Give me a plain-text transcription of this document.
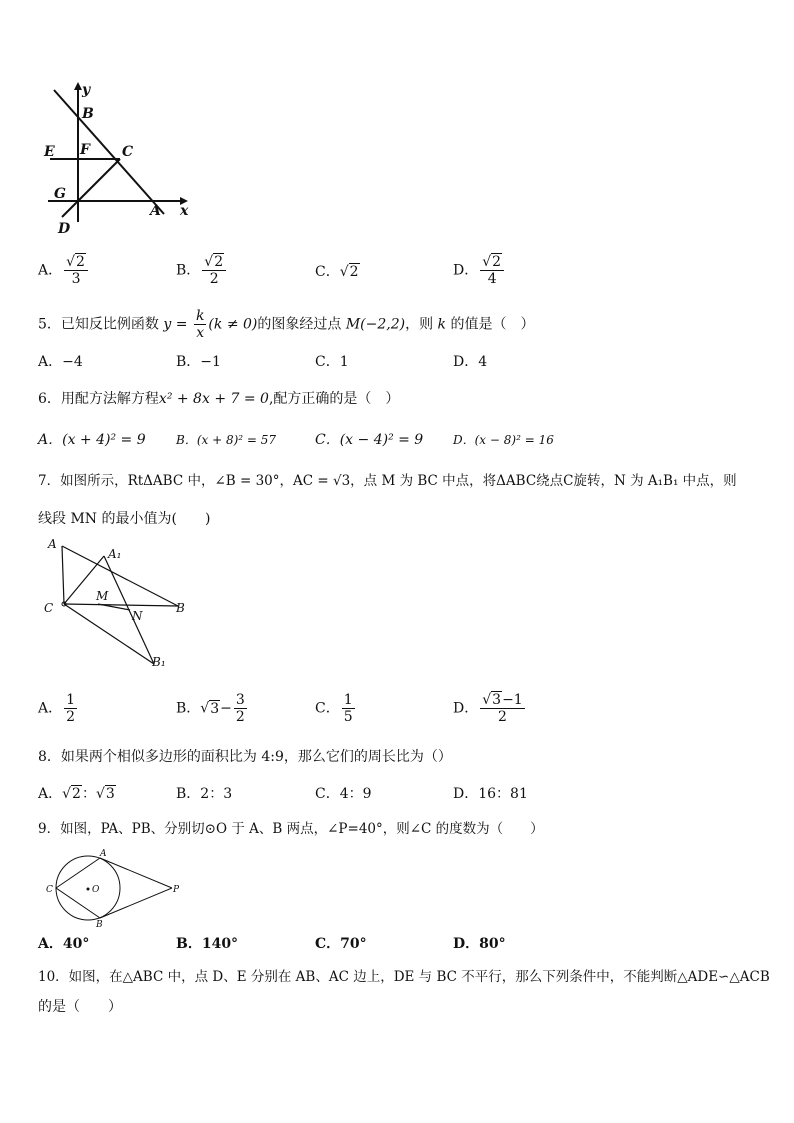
y
B
E F C
G
A x
D
A． $\frac{√2}{3}$	B． $\frac{√2}{2}$	C．√2	D． $\frac{√2}{4}$
5．已知反比例函数 $y = \frac{k}{x} (k \ne 0)$的图象经过点 M(−2,2)，则 k 的值是（　）
A．−4	B．−1	C．1	D．4
6．用配方法解方程x² + 8x + 7 = 0,配方正确的是（　）
A．(x + 4)² = 9	B．(x + 8)² = 57	C．(x − 4)² = 9 D．(x − 8)² = 16
7．如图所示，RtΔABC 中，∠B = 30°，AC = √3，点 M 为 BC 中点，将ΔABC绕点C旋转，N 为 A₁B₁ 中点，则
线段 MN 的最小值为(　　)
A
A₁
C
M
N
B
B₁
A． $\frac{1}{2}$	B．$√3- \frac{3}{2}$	C． $\frac{1}{5}$	D． $\frac{√3-1}{2}$
8．如果两个相似多边形的面积比为 4:9，那么它们的周长比为（）
A．√2：√3	B．2：3	C．4：9	D．16：81
9．如图，PA、PB、分别切⊙O 于 A、B 两点，∠P=40°，则∠C 的度数为（　　）
A
B
C	O	P
A．40°	B．140°	C．70°	D．80°
10．如图，在△ABC 中，点 D、E 分别在 AB、AC 边上，DE 与 BC 不平行，那么下列条件中，不能判断△ADE∽△ACB
的是（　　）
